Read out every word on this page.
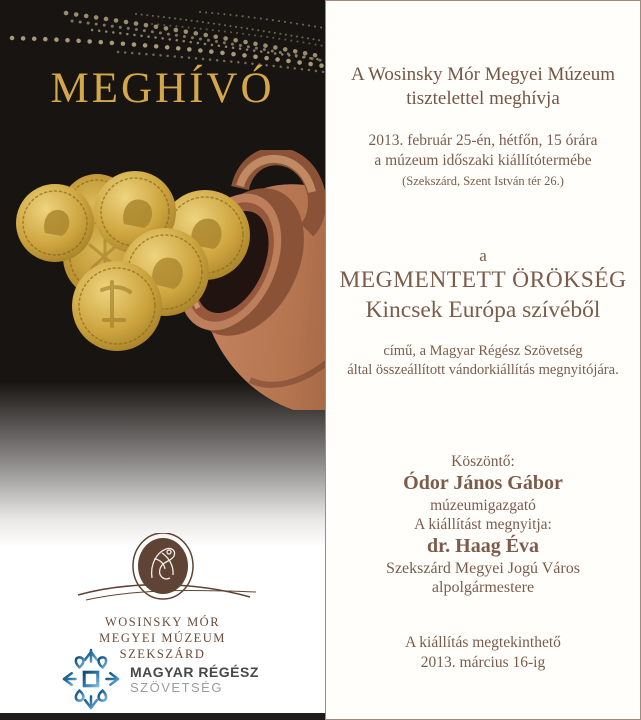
MEGHÍVÓ
WOSINSKY MÓR
MEGYEI MÚZEUM
SZEKSZÁRD
MAGYAR RÉGÉSZ
SZÖVETSÉG
A Wosinsky Mór Megyei Múzeum
tisztelettel meghívja
2013. február 25-én, hétfőn, 15 órára
a múzeum időszaki kiállítótermébe
(Szekszárd, Szent István tér 26.)
a
MEGMENTETT ÖRÖKSÉG
Kincsek Európa szívéből
című, a Magyar Régész Szövetség
által összeállított vándorkiállítás megnyitójára.
Köszöntő:
Ódor János Gábor
múzeumigazgató
A kiállítást megnyitja:
dr. Haag Éva
Szekszárd Megyei Jogú Város
alpolgármestere
A kiállítás megtekinthető
2013. március 16-ig
